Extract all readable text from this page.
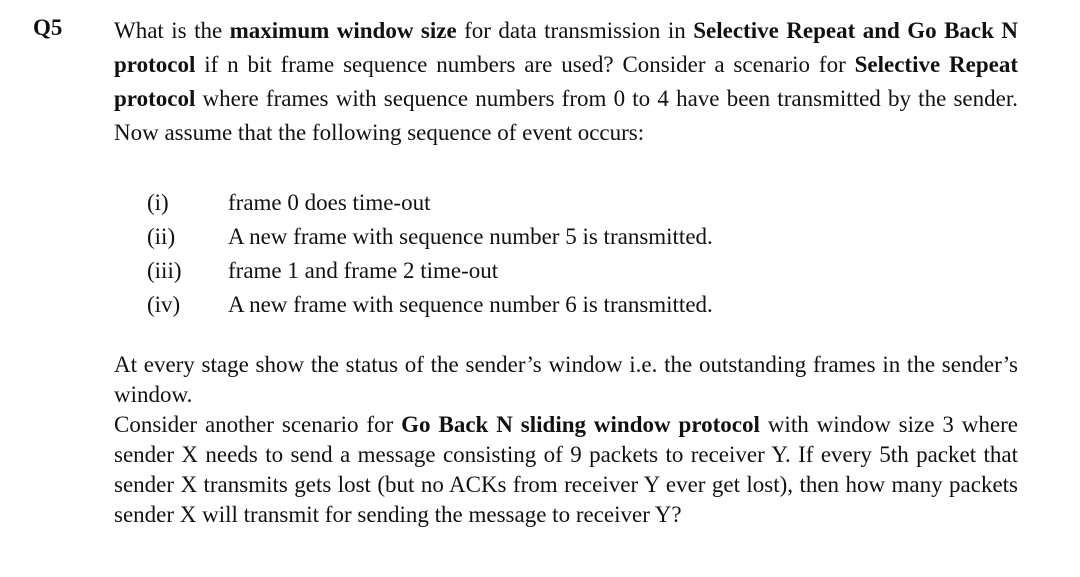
Q5 What is the maximum window size for data transmission in Selective Repeat and Go Back N protocol if n bit frame sequence numbers are used? Consider a scenario for Selective Repeat protocol where frames with sequence numbers from 0 to 4 have been transmitted by the sender. Now assume that the following sequence of event occurs:
(i)	frame 0 does time-out
(ii) A new frame with sequence number 5 is transmitted.
(iii) frame 1 and frame 2 time-out
(iv) A new frame with sequence number 6 is transmitted.
At every stage show the status of the sender’s window i.e. the outstanding frames in the sender’s window.
Consider another scenario for Go Back N sliding window protocol with window size 3 where sender X needs to send a message consisting of 9 packets to receiver Y. If every 5th packet that sender X transmits gets lost (but no ACKs from receiver Y ever get lost), then how many packets sender X will transmit for sending the message to receiver Y?
